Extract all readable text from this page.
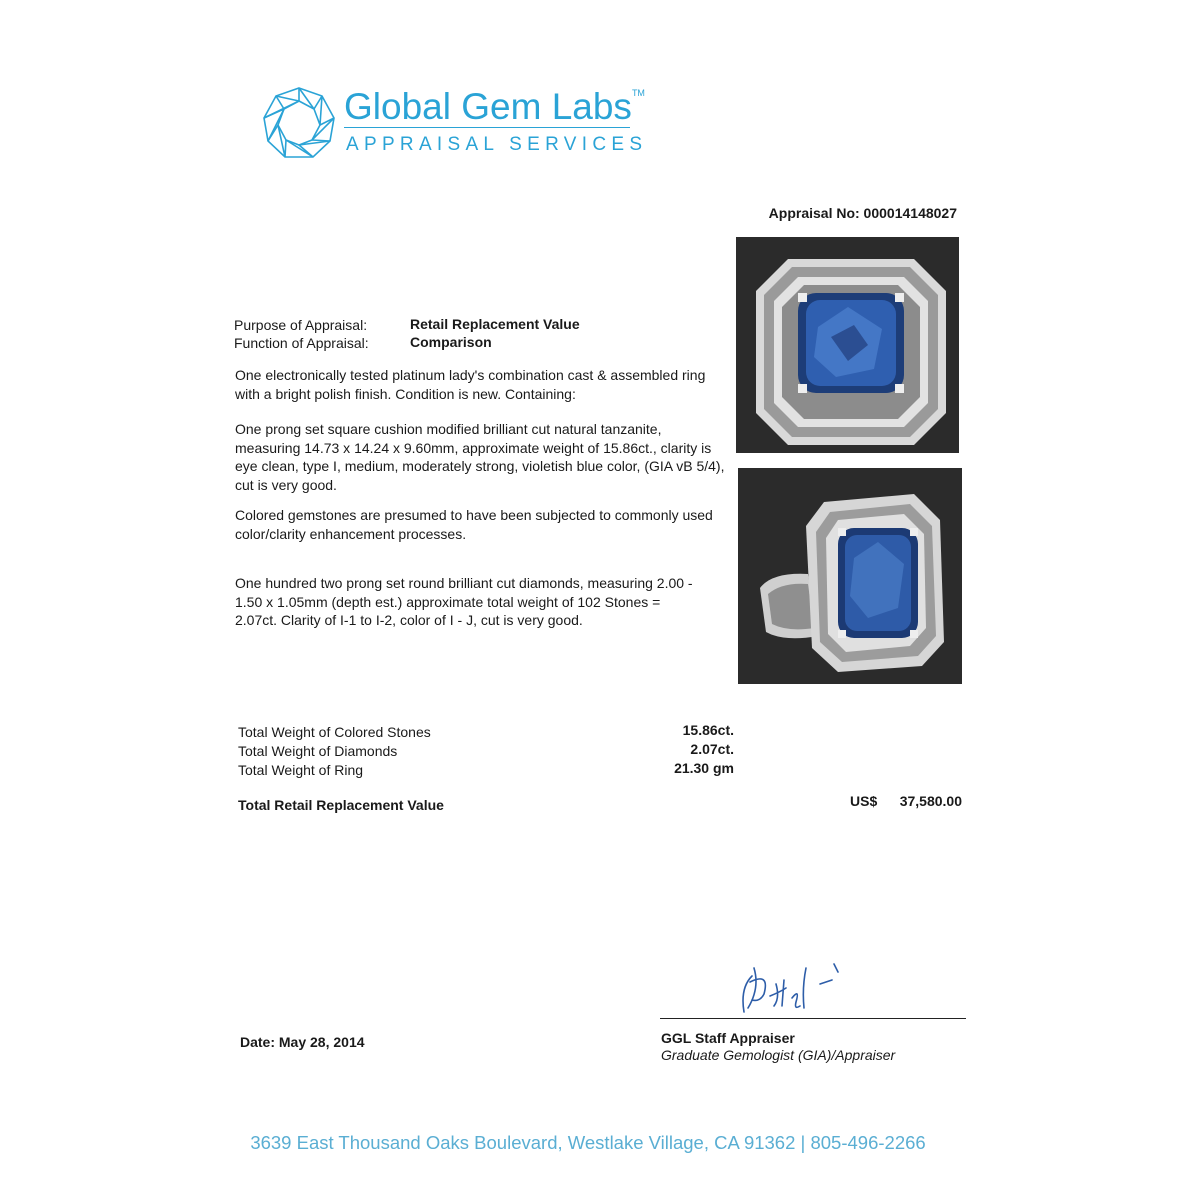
Global Gem Labs™
APPRAISAL SERVICES
Appraisal No: 000014148027
Purpose of Appraisal:	Retail Replacement Value
Function of Appraisal:	Comparison
One electronically tested platinum lady's combination cast & assembled ring with a bright polish finish. Condition is new. Containing:
One prong set square cushion modified brilliant cut natural tanzanite, measuring 14.73 x 14.24 x 9.60mm, approximate weight of 15.86ct., clarity is eye clean, type I, medium, moderately strong, violetish blue color, (GIA vB 5/4), cut is very good.
Colored gemstones are presumed to have been subjected to commonly used color/clarity enhancement processes.
One hundred two prong set round brilliant cut diamonds, measuring 2.00 - 1.50 x 1.05mm (depth est.) approximate total weight of 102 Stones = 2.07ct. Clarity of I-1 to I-2, color of I - J, cut is very good.
Total Weight of Colored Stones	15.86ct.
Total Weight of Diamonds	2.07ct.
Total Weight of Ring	21.30 gm
Total Retail Replacement Value	US$ 37,580.00
GGL Staff Appraiser
Graduate Gemologist (GIA)/Appraiser
Date: May 28, 2014
3639 East Thousand Oaks Boulevard, Westlake Village, CA 91362 | 805-496-2266
